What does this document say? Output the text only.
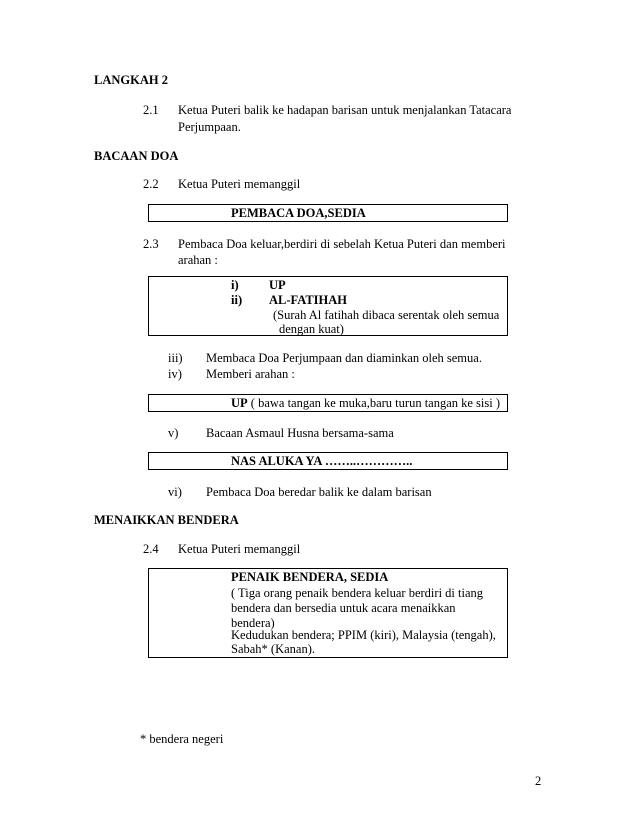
LANGKAH 2
2.1 Ketua Puteri balik ke hadapan barisan untuk menjalankan Tatacara
Perjumpaan.
BACAAN DOA
2.2 Ketua Puteri memanggil
PEMBACA DOA,SEDIA
2.3 Pembaca Doa keluar,berdiri di sebelah Ketua Puteri dan memberi
arahan :
i) UP
ii) AL-FATIHAH
(Surah Al fatihah dibaca serentak oleh semua
dengan kuat)
iii) Membaca Doa Perjumpaan dan diaminkan oleh semua.
iv) Memberi arahan :
UP ( bawa tangan ke muka,baru turun tangan ke sisi )
v) Bacaan Asmaul Husna bersama-sama
NAS ALUKA YA ……..…………..
vi) Pembaca Doa beredar balik ke dalam barisan
MENAIKKAN BENDERA
2.4 Ketua Puteri memanggil
PENAIK BENDERA, SEDIA
( Tiga orang penaik bendera keluar berdiri di tiang
bendera dan bersedia untuk acara menaikkan
bendera)
Kedudukan bendera; PPIM (kiri), Malaysia (tengah),
Sabah* (Kanan).
* bendera negeri
2
